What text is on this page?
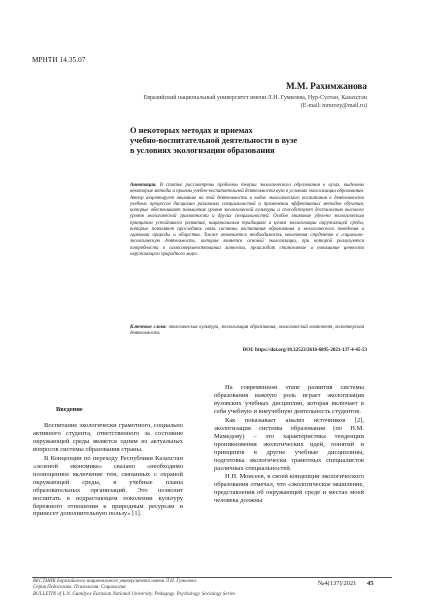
МРНТИ 14.35.07
М.М. Рахимжанова
Евразийский национальный университет имени Л.Н. Гумилева, Нур-Султан, Казахстан
(E-mail: mmrozy@mail.ru)
О некоторых методах и приемах
учебно-воспитательной деятельности в вузе
в условиях экологизации образования
Аннотация. В статье рассмотрены проблемы теории экологического образования в вузах, выделены некоторые методы и приемы учебно-воспитательной деятельности вуза в условиях экологизации образования. Автор акцентирует внимание на той деятельности и видах экологического воспитания в деятельности учебных процессов дисциплин различных специальностей и применении эффективных методов обучения, которые обеспечивают повышение уровня экологической культуры и способствуют достижению высокого уровня экологической грамотности и других специальностей. Особое внимание уделено экологическим принципам устойчивого развития, национальным традициям и целям экологизации окружающей среды, которые позволяют проследить связь системы воспитания образования и экологического поведения и гармонии природы и общества. Также отмечается необходимость вовлечения студентов в социально-экологическую деятельность, которая является основой экологизации, при которой реализуются потребности в самосовершенствовании личности, происходит становление и понимание ценности окружающего природного мира.
Ключевые слова: экологическая культура, экологизация образования, экологический компонент, волонтерская деятельность
DOI: https://doi.org/10.32523/2616-6895-2021-137-4-45-53
Введение

Воспитание экологически грамотного, социально активного студента, ответственного за состояние окружающей среды является одним из актуальных вопросов системы образования страны.

В Концепции по переходу Республики Казахстан «зеленой экономике» сказано «необходимо полноценное включение тем, связанных с охраной окружающей среды, в учебные планы образовательных организаций. Это позволит воспитать в подрастающем поколении культуру бережного отношения к природным ресурсам и принесет дополнительную пользу» [1].

На современном этапе развития системы образования важную роль играет экологизация вузовских учебных дисциплин, которая включает в себя учебную и внеучебную деятельность студентов.

Как показывает анализ источников [2], экологизация системы образования (по Н.М. Мамедову) – это характеристика тенденции проникновения экологических идей, понятий и принципов в другие учебные дисциплины, подготовка экологически грамотных специалистов различных специальностей.

Н.Н. Моисеев, в своей концепции экологического образования отмечал, что «экологическое мышление, представления об окружающей среде и местах моей человека должны

ВЕСТНИК Евразийского национального университета имени Л.Н. Гумилева.
Серия Педагогика. Психология. Социология
BULLETIN of L.N. Gumilyov Eurasian National University. Pedagogy. Psychology. Sociology Series
№4(137)/2021 45
